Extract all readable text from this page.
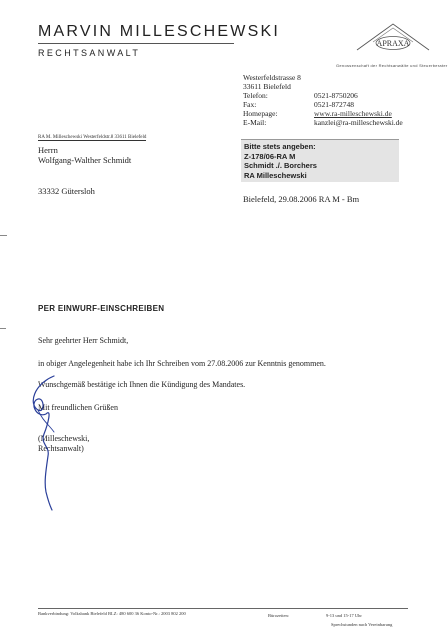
MARVIN MILLESCHEWSKI
RECHTSANWALT
APRAXA
Genossenschaft der Rechtsanwälte und Steuerberater
Westerfeldstrasse 8
33611 Bielefeld
Telefon:	0521-8750206
Fax:	0521-872748
Homepage:	www.ra-milleschewski.de
E-Mail:	kanzlei@ra-milleschewski.de
RA M. Milleschewski Westerfeldstr.8 33611 Bielefeld
Herrn
Wolfgang-Walther Schmidt
33332 Gütersloh
Bitte stets angeben:
Z-178/06-RA M
Schmidt ./. Borchers
RA Milleschewski
Bielefeld, 29.08.2006 RA M - Bm
PER EINWURF-EINSCHREIBEN
Sehr geehrter Herr Schmidt,
in obiger Angelegenheit habe ich Ihr Schreiben vom 27.08.2006 zur Kenntnis genommen.
Wunschgemäß bestätige ich Ihnen die Kündigung des Mandates.
Mit freundlichen Grüßen
(Milleschewski,
Rechtsanwalt)
Bankverbindung: Volksbank Bielefeld BLZ: 480 600 36 Konto-Nr.: 2003 802 200	Bürozeiten:	9-13 und 15-17 Uhr
Sprechstunden nach Vereinbarung
